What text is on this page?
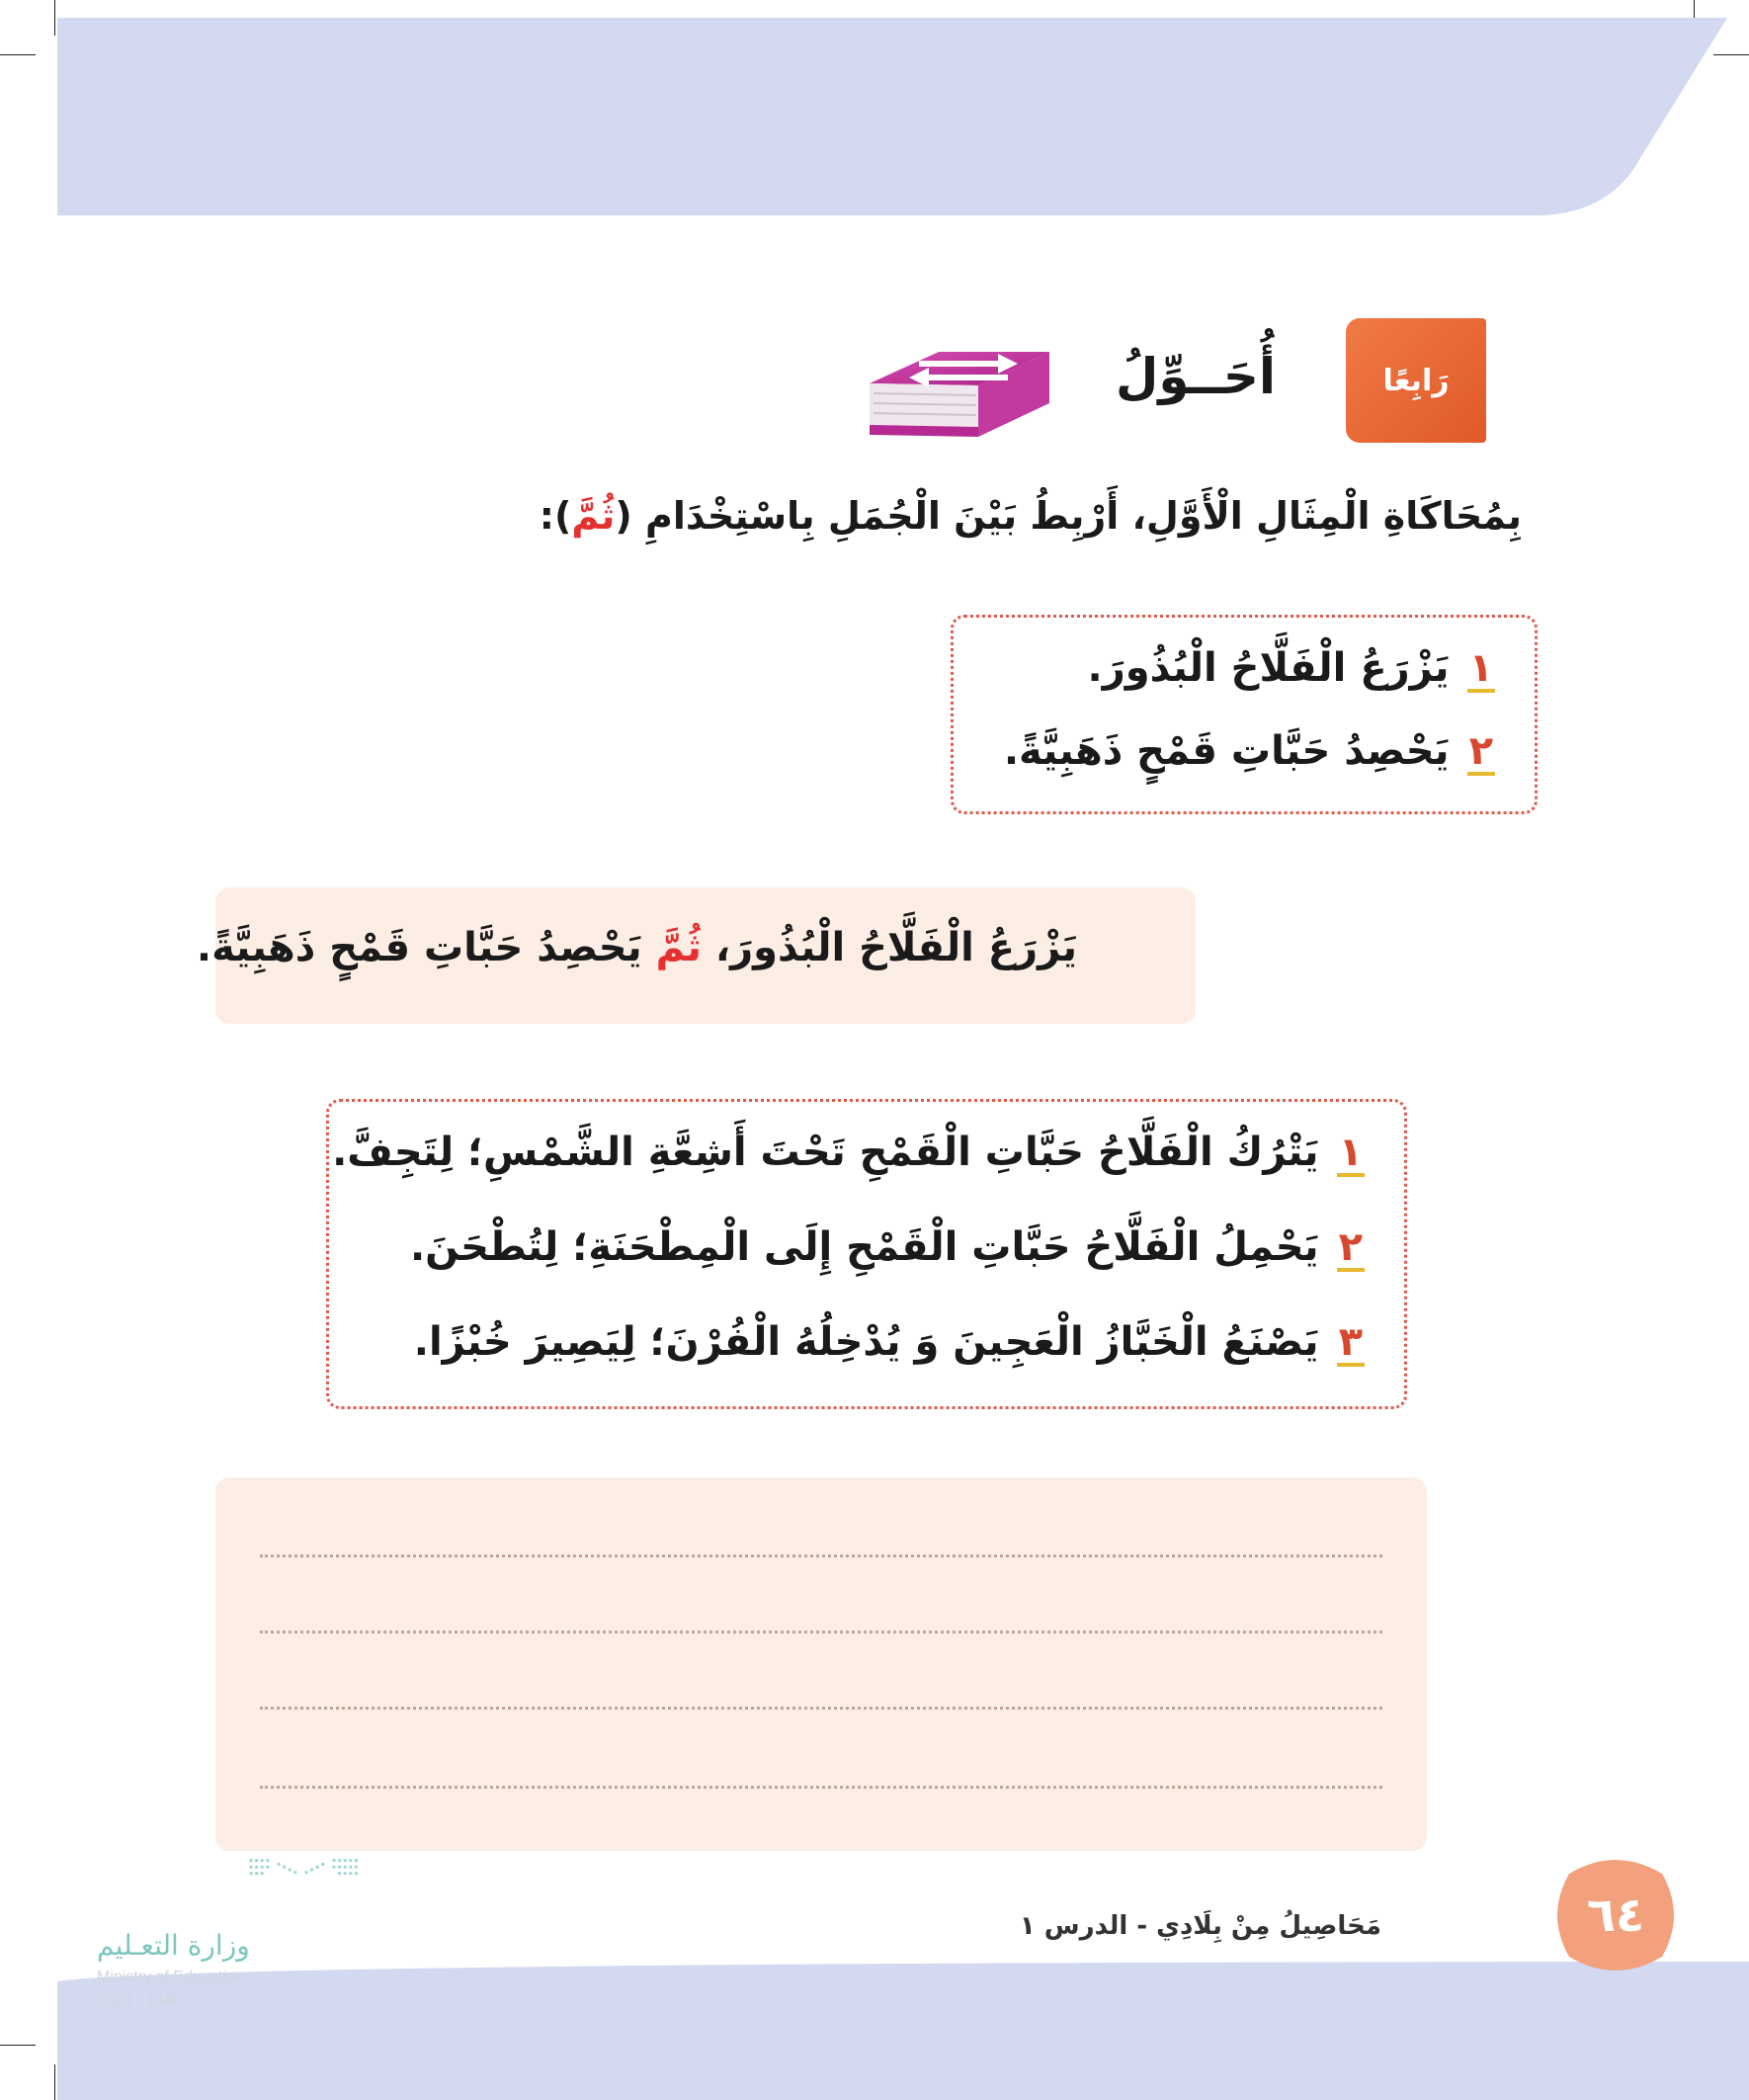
رَابِعًا
أُحَــوِّلُ
بِمُحَاكَاةِ الْمِثَالِ الْأَوَّلِ، أَرْبِطُ بَيْنَ الْجُمَلِ بِاسْتِخْدَامِ (ثُمَّ):
١
يَزْرَعُ الْفَلَّاحُ الْبُذُورَ.
٢
يَحْصِدُ حَبَّاتِ قَمْحٍ ذَهَبِيَّةً.
يَزْرَعُ الْفَلَّاحُ الْبُذُورَ، ثُمَّ يَحْصِدُ حَبَّاتِ قَمْحٍ ذَهَبِيَّةً.
١
يَتْرُكُ الْفَلَّاحُ حَبَّاتِ الْقَمْحِ تَحْتَ أَشِعَّةِ الشَّمْسِ؛ لِتَجِفَّ.
٢
يَحْمِلُ الْفَلَّاحُ حَبَّاتِ الْقَمْحِ إِلَى الْمِطْحَنَةِ؛ لِتُطْحَنَ.
٣
يَصْنَعُ الْخَبَّازُ الْعَجِينَ وَ يُدْخِلُهُ الْفُرْنَ؛ لِيَصِيرَ خُبْزًا.
٦٤
مَحَاصِيلُ مِنْ بِلَادِي - الدرس ١
وزارة التعـليم
Ministry of Education
2024 - 1446
